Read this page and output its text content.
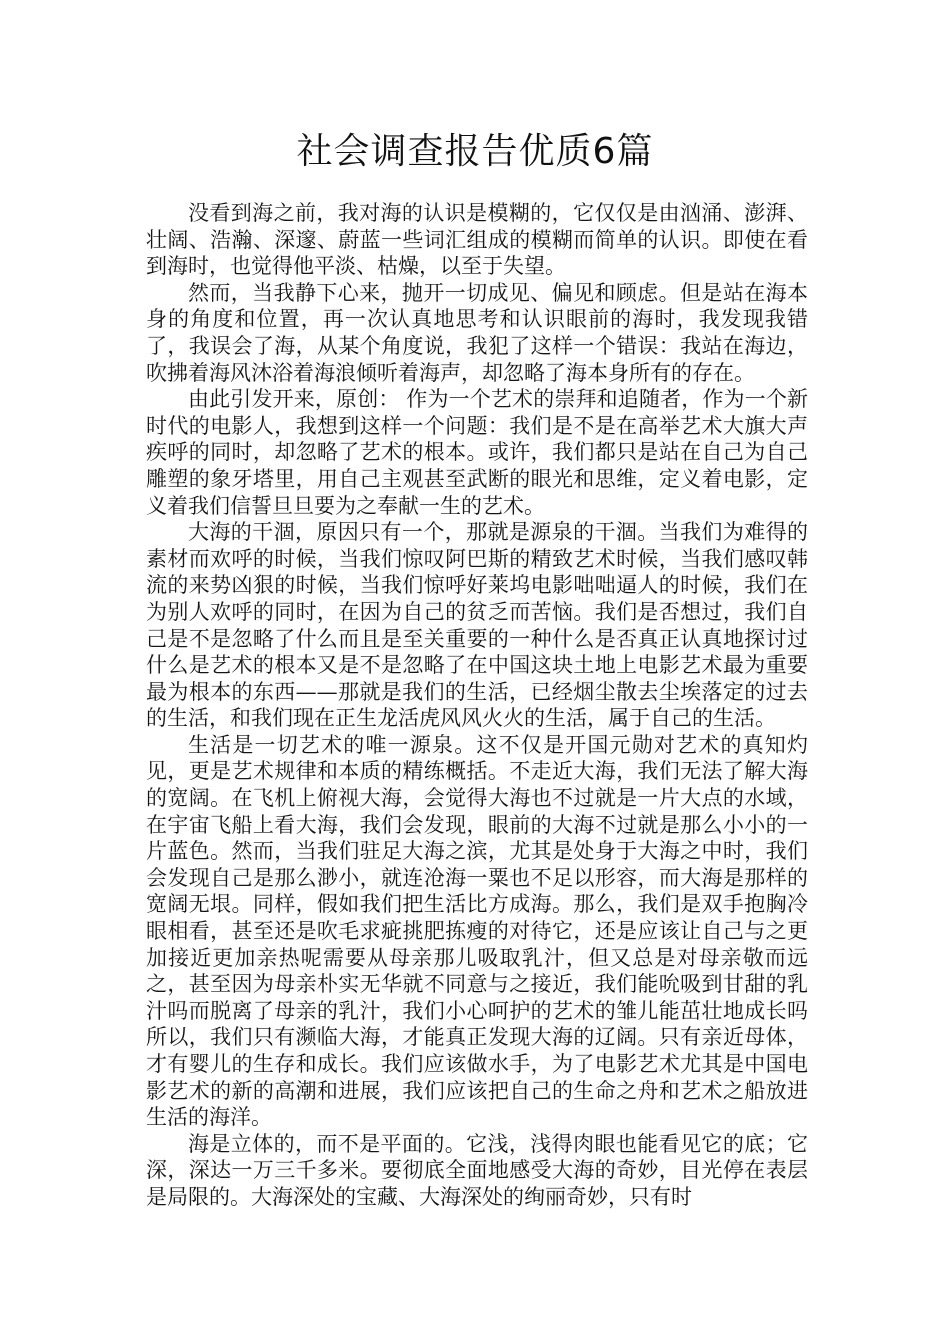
社会调查报告优质6篇

没看到海之前，我对海的认识是模糊的，它仅仅是由汹涌、澎湃、壮阔、浩瀚、深邃、蔚蓝一些词汇组成的模糊而简单的认识。即使在看到海时，也觉得他平淡、枯燥，以至于失望。

然而，当我静下心来，抛开一切成见、偏见和顾虑。但是站在海本身的角度和位置，再一次认真地思考和认识眼前的海时，我发现我错了，我误会了海，从某个角度说，我犯了这样一个错误：我站在海边，吹拂着海风沐浴着海浪倾听着海声，却忽略了海本身所有的存在。

由此引发开来，原创： 作为一个艺术的崇拜和追随者，作为一个新时代的电影人，我想到这样一个问题：我们是不是在高举艺术大旗大声疾呼的同时，却忽略了艺术的根本。或许，我们都只是站在自己为自己雕塑的象牙塔里，用自己主观甚至武断的眼光和思维，定义着电影，定义着我们信誓旦旦要为之奉献一生的艺术。

大海的干涸，原因只有一个，那就是源泉的干涸。当我们为难得的素材而欢呼的时候，当我们惊叹阿巴斯的精致艺术时候，当我们感叹韩流的来势凶狠的时候，当我们惊呼好莱坞电影咄咄逼人的时候，我们在为别人欢呼的同时，在因为自己的贫乏而苦恼。我们是否想过，我们自己是不是忽略了什么而且是至关重要的一种什么是否真正认真地探讨过什么是艺术的根本又是不是忽略了在中国这块土地上电影艺术最为重要最为根本的东西——那就是我们的生活，已经烟尘散去尘埃落定的过去的生活，和我们现在正生龙活虎风风火火的生活，属于自己的生活。

生活是一切艺术的唯一源泉。这不仅是开国元勋对艺术的真知灼见，更是艺术规律和本质的精练概括。不走近大海，我们无法了解大海的宽阔。在飞机上俯视大海，会觉得大海也不过就是一片大点的水域，在宇宙飞船上看大海，我们会发现，眼前的大海不过就是那么小小的一片蓝色。然而，当我们驻足大海之滨，尤其是处身于大海之中时，我们会发现自己是那么渺小，就连沧海一粟也不足以形容，而大海是那样的宽阔无垠。同样，假如我们把生活比方成海。那么，我们是双手抱胸冷眼相看，甚至还是吹毛求疵挑肥拣瘦的对待它，还是应该让自己与之更加接近更加亲热呢需要从母亲那儿吸取乳汁，但又总是对母亲敬而远之，甚至因为母亲朴实无华就不同意与之接近，我们能吮吸到甘甜的乳汁吗而脱离了母亲的乳汁，我们小心呵护的艺术的雏儿能茁壮地成长吗所以，我们只有濒临大海，才能真正发现大海的辽阔。只有亲近母体，才有婴儿的生存和成长。我们应该做水手，为了电影艺术尤其是中国电影艺术的新的高潮和进展，我们应该把自己的生命之舟和艺术之船放进生活的海洋。

海是立体的，而不是平面的。它浅，浅得肉眼也能看见它的底；它深，深达一万三千多米。要彻底全面地感受大海的奇妙，目光停在表层是局限的。大海深处的宝藏、大海深处的绚丽奇妙，只有时
